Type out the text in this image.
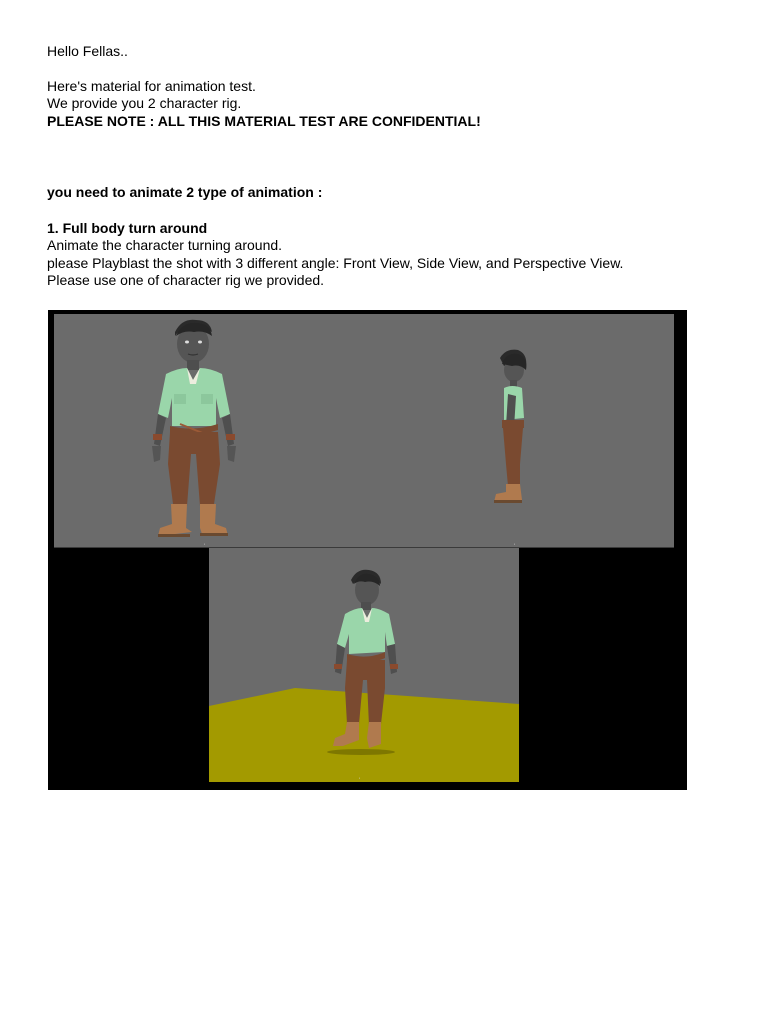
Hello Fellas..
Here's material for animation test.
We provide you 2 character rig.
PLEASE NOTE : ALL THIS MATERIAL TEST ARE CONFIDENTIAL!
you need to animate 2 type of animation :
1. Full body turn around
Animate the character turning around.
please Playblast the shot with 3 different angle: Front View, Side View, and Perspective View.
Please use one of character rig we provided.
▪	▪
▪
